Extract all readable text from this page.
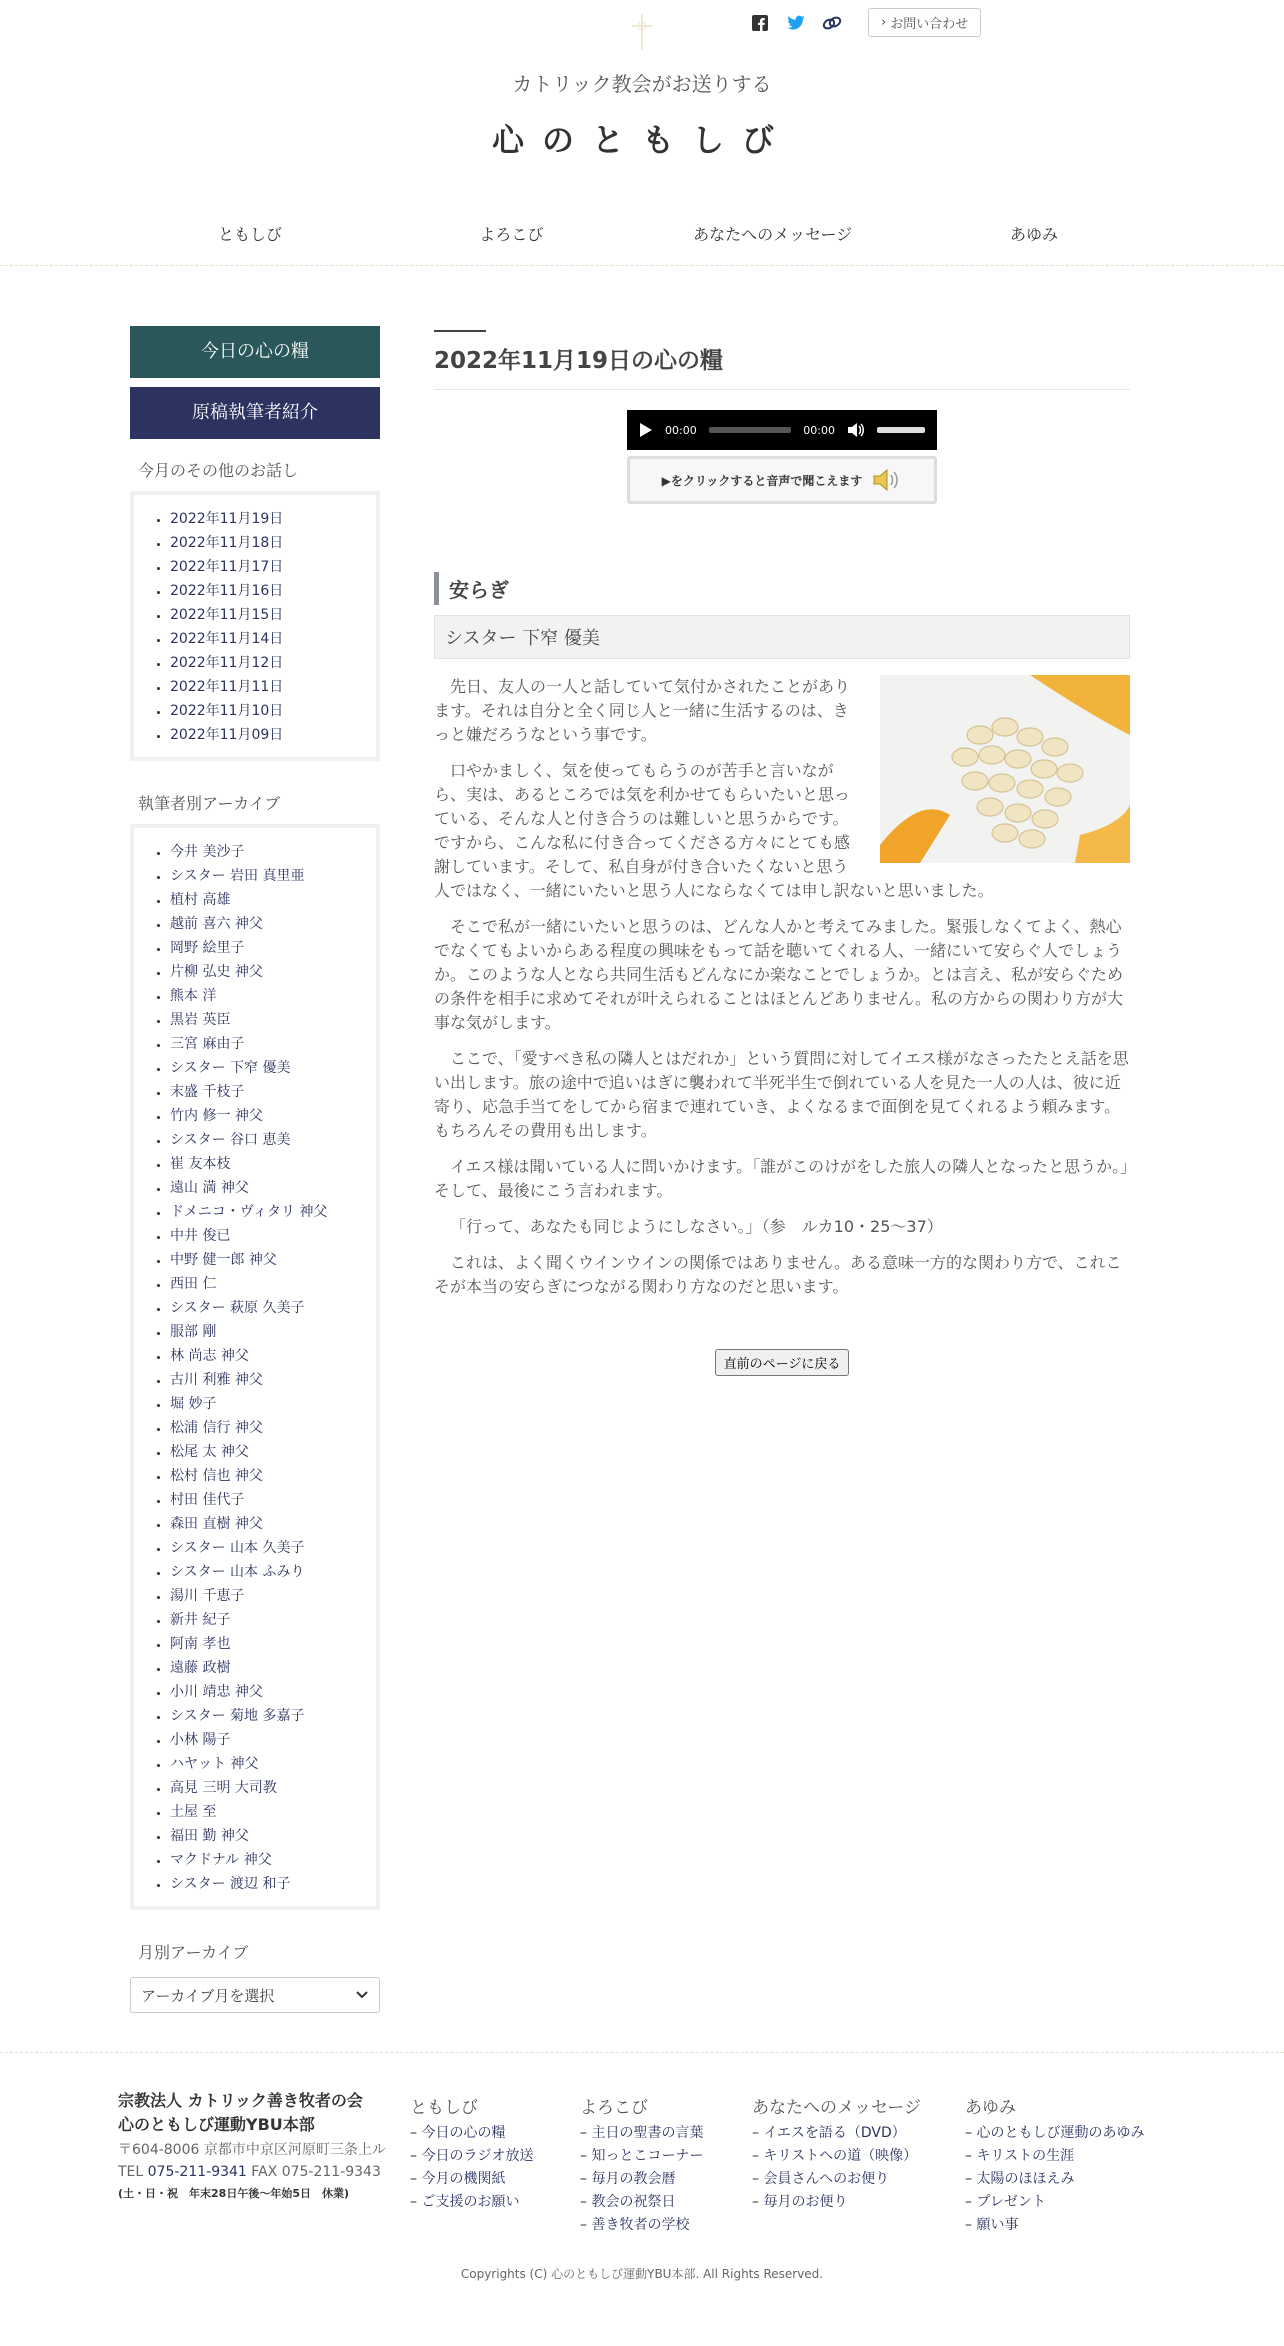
› お問い合わせ
カトリック教会がお送りする
心のともしび
ともしび	よろこび	あなたへのメッセージ	あゆみ
今日の心の糧
原稿執筆者紹介
今月のその他のお話し
• 2022年11月19日
• 2022年11月18日
• 2022年11月17日
• 2022年11月16日
• 2022年11月15日
• 2022年11月14日
• 2022年11月12日
• 2022年11月11日
• 2022年11月10日
• 2022年11月09日
執筆者別アーカイブ
• 今井 美沙子
• シスター 岩田 真里亜
• 植村 高雄
• 越前 喜六 神父
• 岡野 絵里子
• 片柳 弘史 神父
• 熊本 洋
• 黒岩 英臣
• 三宮 麻由子
• シスター 下窄 優美
• 末盛 千枝子
• 竹内 修一 神父
• シスター 谷口 恵美
• 崔 友本枝
• 遠山 満 神父
• ドメニコ・ヴィタリ 神父
• 中井 俊已
• 中野 健一郎 神父
• 西田 仁
• シスター 萩原 久美子
• 服部 剛
• 林 尚志 神父
• 古川 利雅 神父
• 堀 妙子
• 松浦 信行 神父
• 松尾 太 神父
• 松村 信也 神父
• 村田 佳代子
• 森田 直樹 神父
• シスター 山本 久美子
• シスター 山本 ふみり
• 湯川 千恵子
• 新井 紀子
• 阿南 孝也
• 遠藤 政樹
• 小川 靖忠 神父
• シスター 菊地 多嘉子
• 小林 陽子
• ハヤット 神父
• 高見 三明 大司教
• 土屋 至
• 福田 勤 神父
• マクドナル 神父
• シスター 渡辺 和子
月別アーカイブ
アーカイブ月を選択
2022年11月19日の心の糧
00:00	00:00
▶をクリックすると音声で聞こえます
安らぎ
シスター 下窄 優美

先日、友人の一人と話していて気付かされたことがあります。それは自分と全く同じ人と一緒に生活するのは、きっと嫌だろうなという事です。

口やかましく、気を使ってもらうのが苦手と言いながら、実は、あるところでは気を利かせてもらいたいと思っている、そんな人と付き合うのは難しいと思うからです。ですから、こんな私に付き合ってくださる方々にとても感謝しています。そして、私自身が付き合いたくないと思う人ではなく、一緒にいたいと思う人にならなくては申し訳ないと思いました。

そこで私が一緒にいたいと思うのは、どんな人かと考えてみました。緊張しなくてよく、熱心でなくてもよいからある程度の興味をもって話を聴いてくれる人、一緒にいて安らぐ人でしょうか。このような人となら共同生活もどんなにか楽なことでしょうか。とは言え、私が安らぐための条件を相手に求めてそれが叶えられることはほとんどありません。私の方からの関わり方が大事な気がします。

ここで、「愛すべき私の隣人とはだれか」という質問に対してイエス様がなさったたとえ話を思い出します。旅の途中で追いはぎに襲われて半死半生で倒れている人を見た一人の人は、彼に近寄り、応急手当てをしてから宿まで連れていき、よくなるまで面倒を見てくれるよう頼みます。もちろんその費用も出します。

イエス様は聞いている人に問いかけます。「誰がこのけがをした旅人の隣人となったと思うか。」そして、最後にこう言われます。

「行って、あなたも同じようにしなさい。」（参　ルカ10・25～37）

これは、よく聞くウインウインの関係ではありません。ある意味一方的な関わり方で、これこそが本当の安らぎにつながる関わり方なのだと思います。

直前のページに戻る
宗教法人 カトリック善き牧者の会
心のともしび運動YBU本部
〒604-8006 京都市中京区河原町三条上ル
TEL 075-211-9341 FAX 075-211-9343
(土・日・祝　年末28日午後〜年始5日　休業)
ともしび
– 今日の心の糧
– 今日のラジオ放送
– 今月の機関紙
– ご支援のお願い
よろこび
– 主日の聖書の言葉
– 知っとこコーナー
– 毎月の教会暦
– 教会の祝祭日
– 善き牧者の学校
あなたへのメッセージ
– イエスを語る（DVD）
– キリストへの道（映像）
– 会員さんへのお便り
– 毎月のお便り
あゆみ
– 心のともしび運動のあゆみ
– キリストの生涯
– 太陽のほほえみ
– プレゼント
– 願い事
Copyrights (C) 心のともしび運動YBU本部. All Rights Reserved.
